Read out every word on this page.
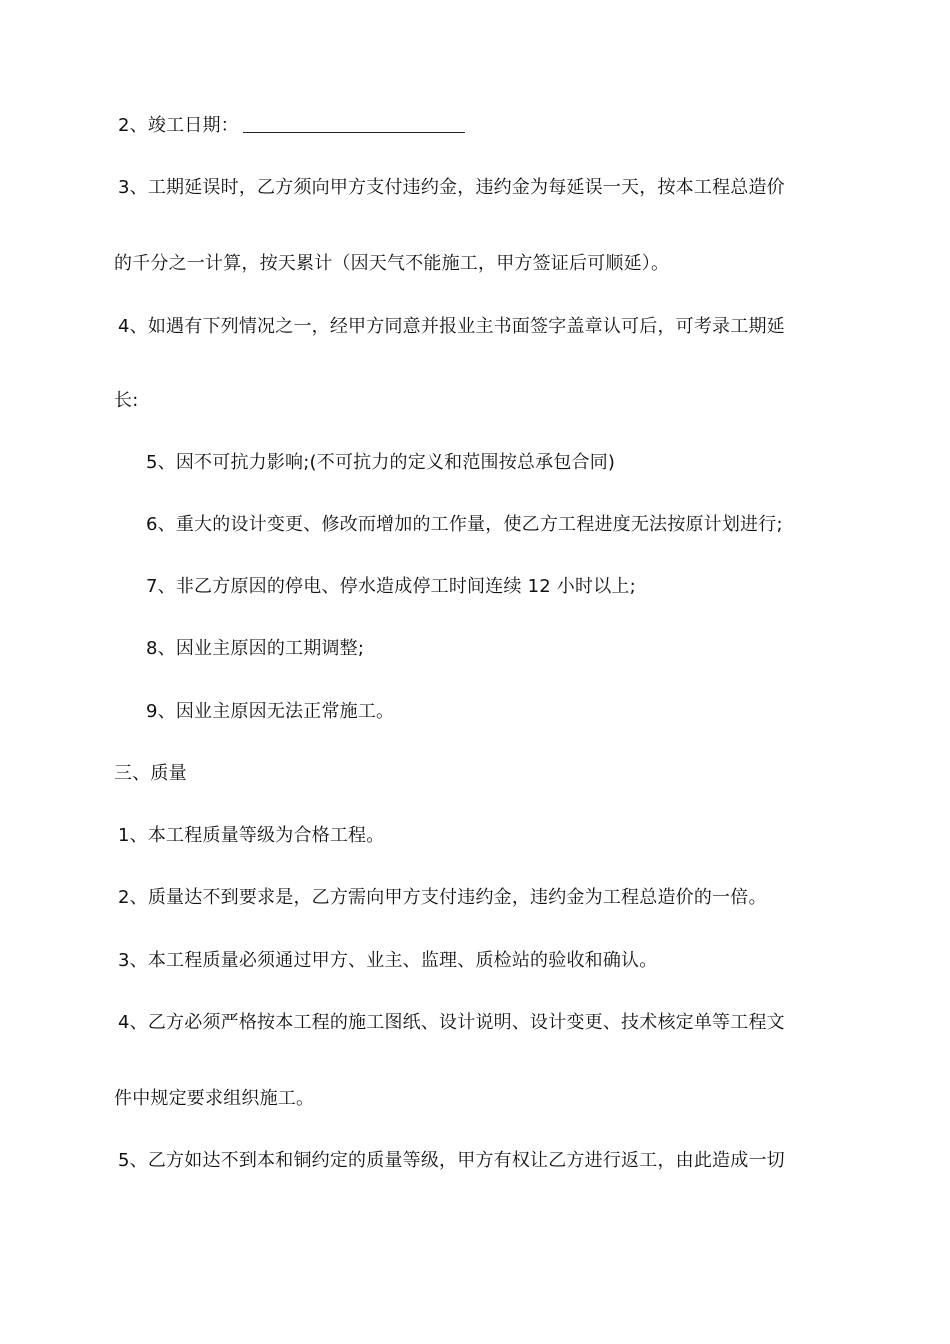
2、竣工日期：
3、工期延误时，乙方须向甲方支付违约金，违约金为每延误一天，按本工程总造价
的千分之一计算，按天累计（因天气不能施工，甲方签证后可顺延）。
4、如遇有下列情况之一，经甲方同意并报业主书面签字盖章认可后，可考录工期延
长:
5、因不可抗力影响;(不可抗力的定义和范围按总承包合同)
6、重大的设计变更、修改而增加的工作量，使乙方工程进度无法按原计划进行;
7、非乙方原因的停电、停水造成停工时间连续 12 小时以上;
8、因业主原因的工期调整;
9、因业主原因无法正常施工。
三、质量
1、本工程质量等级为合格工程。
2、质量达不到要求是，乙方需向甲方支付违约金，违约金为工程总造价的一倍。
3、本工程质量必须通过甲方、业主、监理、质检站的验收和确认。
4、乙方必须严格按本工程的施工图纸、设计说明、设计变更、技术核定单等工程文
件中规定要求组织施工。
5、乙方如达不到本和铜约定的质量等级，甲方有权让乙方进行返工，由此造成一切
